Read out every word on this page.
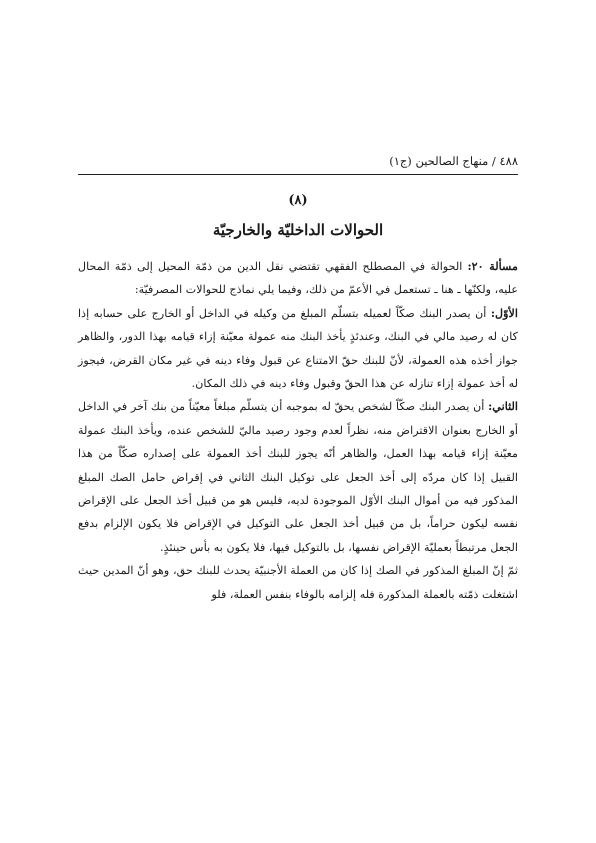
٤٨٨ / منهاج الصالحين (ج١)
(٨)
الحوالات الداخليّة والخارجيّة

مسألة ٢٠: الحوالة في المصطلح الفقهي تقتضي نقل الدين من ذمّة المحيل إلى ذمّة المحال عليه، ولكنّها ـ هنا ـ تستعمل في الأعمّ من ذلك، وفيما يلي نماذج للحوالات المصرفيّة:

الأوّل: أن يصدر البنك صكّاً لعميله بتسلّم المبلغ من وكيله في الداخل أو الخارج على حسابه إذا كان له رصيد مالي في البنك، وعندئذٍ يأخذ البنك منه عمولة معيّنة إزاء قيامه بهذا الدور، والظاهر جواز أخذه هذه العمولة، لأنّ للبنك حقّ الامتناع عن قبول وفاء دينه في غير مكان القرض، فيجوز له أخذ عمولة إزاء تنازله عن هذا الحقّ وقبول وفاء دينه في ذلك المكان.

الثاني: أن يصدر البنك صكّاً لشخص يحقّ له بموجبه أن يتسلّم مبلغاً معيّناً من بنك آخر في الداخل أو الخارج بعنوان الاقتراض منه، نظراً لعدم وجود رصيد ماليّ للشخص عنده، ويأخذ البنك عمولة معيّنة إزاء قيامه بهذا العمل، والظاهر أنّه يجوز للبنك أخذ العمولة على إصداره صكّاً من هذا القبيل إذا كان مردّه إلى أخذ الجعل على توكيل البنك الثاني في إقراض حامل الصك المبلغ المذكور فيه من أموال البنك الأوّل الموجودة لديه، فليس هو من قبيل أخذ الجعل على الإقراض نفسه ليكون حراماً، بل من قبيل أخذ الجعل على التوكيل في الإقراض فلا يكون الإلزام بدفع الجعل مرتبطاً بعمليّة الإقراض نفسها، بل بالتوكيل فيها، فلا يكون به بأس حينئذٍ.

ثمّ إنّ المبلغ المذكور في الصك إذا كان من العملة الأجنبيّة يحدث للبنك حق، وهو أنّ المدين حيث اشتغلت ذمّته بالعملة المذكورة فله إلزامه بالوفاء بنفس العملة، فلو
